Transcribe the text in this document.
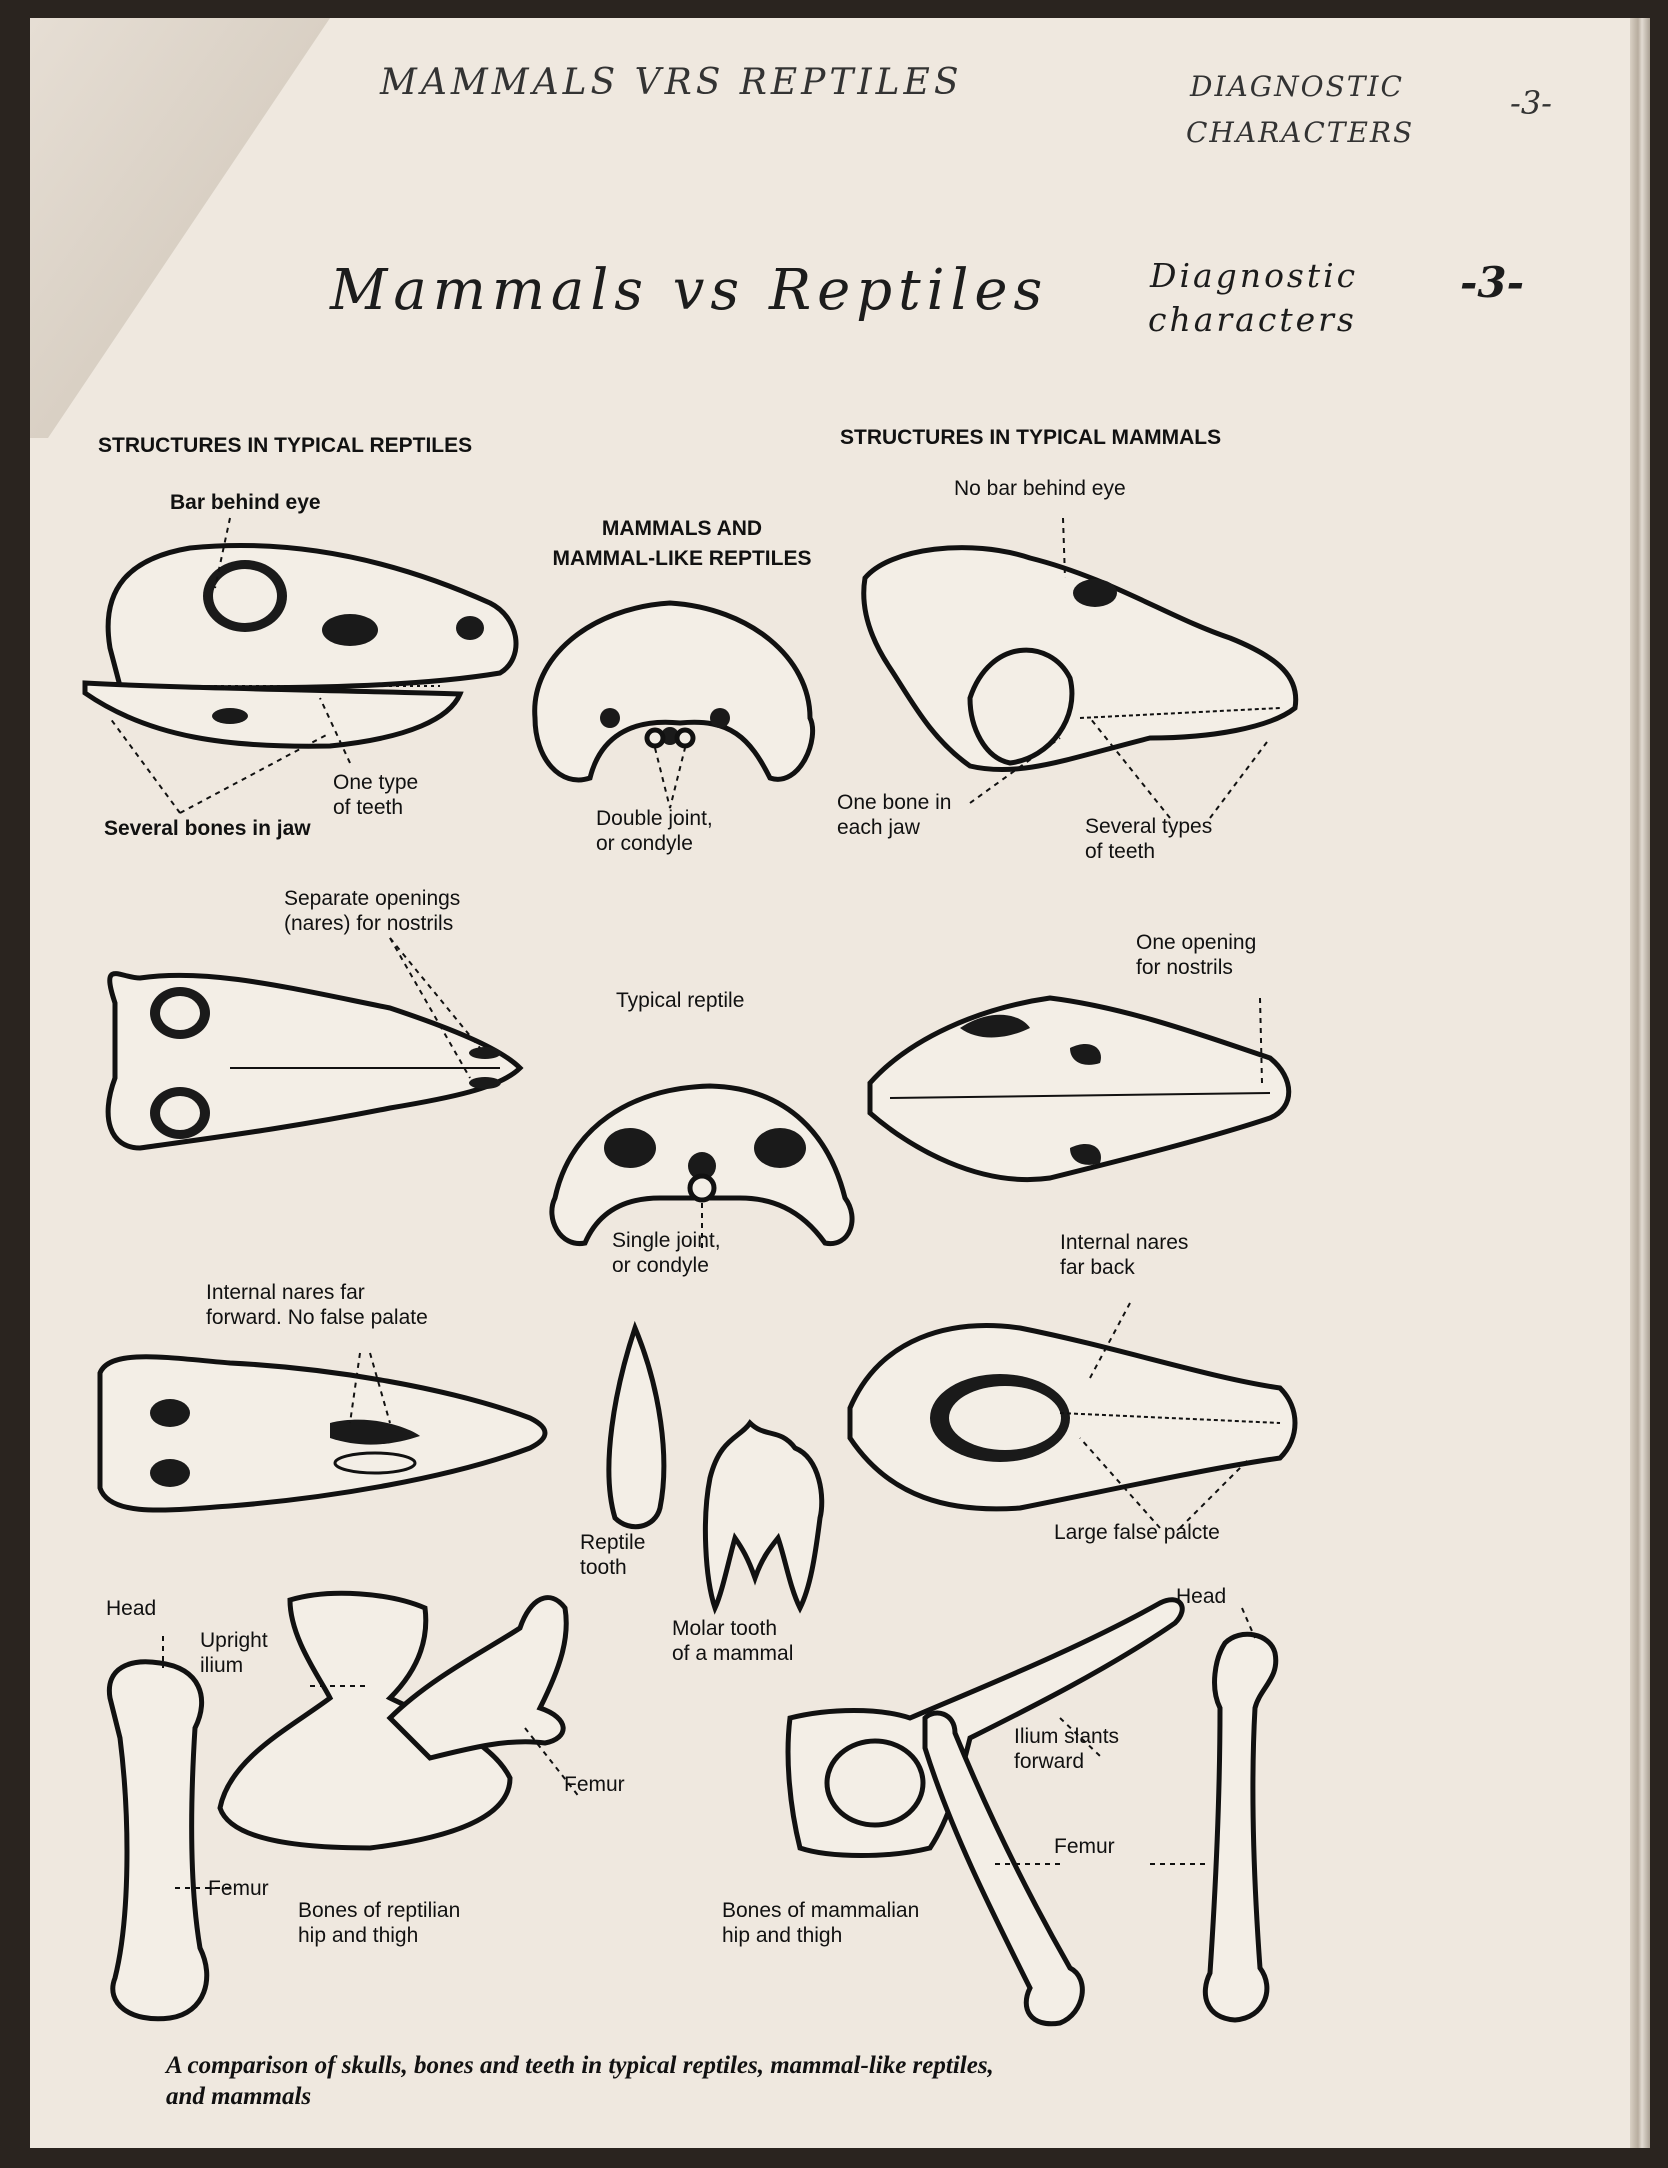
MAMMALS VRS REPTILES	DIAGNOSTIC
CHARACTERS
-3-
Mammals vs Reptiles	Diagnostic
characters
-3-
STRUCTURES IN TYPICAL REPTILES	STRUCTURES IN TYPICAL MAMMALS
MAMMALS AND
MAMMAL-LIKE REPTILES
Bar behind eye
One type
of teeth
Several bones in jaw	Double joint,
or condyle
No bar behind eye
One bone in
each jaw	Several types
of teeth
Separate openings
(nares) for nostrils
Typical reptile
One opening
for nostrils
Single joint,
or condyle
Internal nares far
forward. No false palate
Internal nares
far back
Reptile
tooth
Molar tooth
of a mammal
Large false palcte
Head
Upright
ilium
Femur
Femur
Bones of reptilian
hip and thigh
Head
Ilium slants
forward
Femur
Bones of mammalian
hip and thigh
A comparison of skulls, bones and teeth in typical reptiles, mammal-like reptiles,
and mammals
